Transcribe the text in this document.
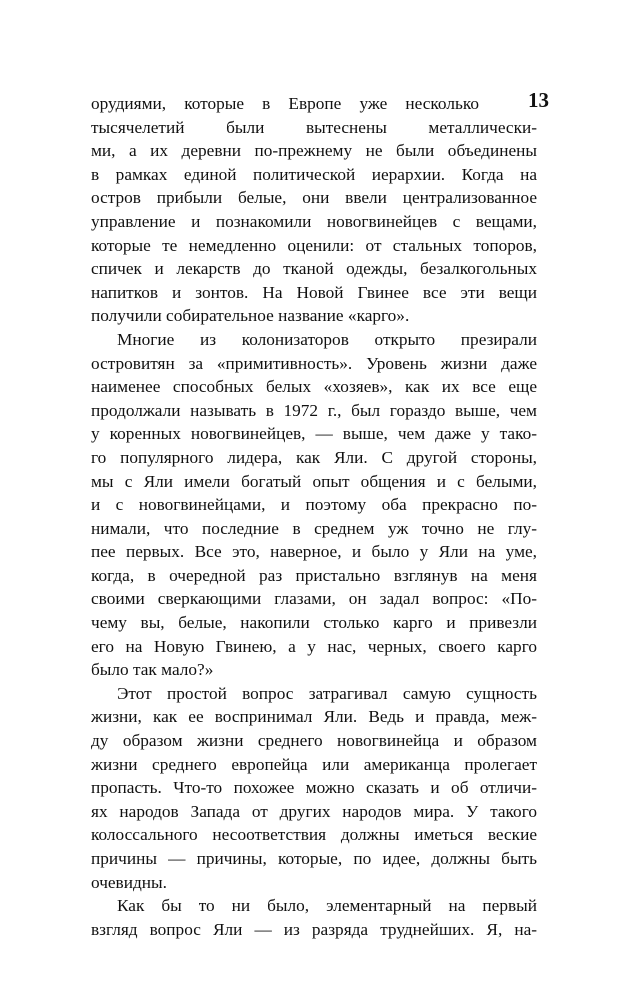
13
орудиями, которые в Европе уже несколько
тысячелетий были вытеснены металлически-
ми, а их деревни по-прежнему не были объединены
в рамках единой политической иерархии. Когда на
остров прибыли белые, они ввели централизованное
управление и познакомили новогвинейцев с вещами,
которые те немедленно оценили: от стальных топоров,
спичек и лекарств до тканой одежды, безалкогольных
напитков и зонтов. На Новой Гвинее все эти вещи
получили собирательное название «карго».
Многие из колонизаторов открыто презирали
островитян за «примитивность». Уровень жизни даже
наименее способных белых «хозяев», как их все еще
продолжали называть в 1972 г., был гораздо выше, чем
у коренных новогвинейцев, — выше, чем даже у тако-
го популярного лидера, как Яли. С другой стороны,
мы с Яли имели богатый опыт общения и с белыми,
и с новогвинейцами, и поэтому оба прекрасно по-
нимали, что последние в среднем уж точно не глу-
пее первых. Все это, наверное, и было у Яли на уме,
когда, в очередной раз пристально взглянув на меня
своими сверкающими глазами, он задал вопрос: «По-
чему вы, белые, накопили столько карго и привезли
его на Новую Гвинею, а у нас, черных, своего карго
было так мало?»
Этот простой вопрос затрагивал самую сущность
жизни, как ее воспринимал Яли. Ведь и правда, меж-
ду образом жизни среднего новогвинейца и образом
жизни среднего европейца или американца пролегает
пропасть. Что-то похожее можно сказать и об отличи-
ях народов Запада от других народов мира. У такого
колоссального несоответствия должны иметься веские
причины — причины, которые, по идее, должны быть
очевидны.
Как бы то ни было, элементарный на первый
взгляд вопрос Яли — из разряда труднейших. Я, на-
